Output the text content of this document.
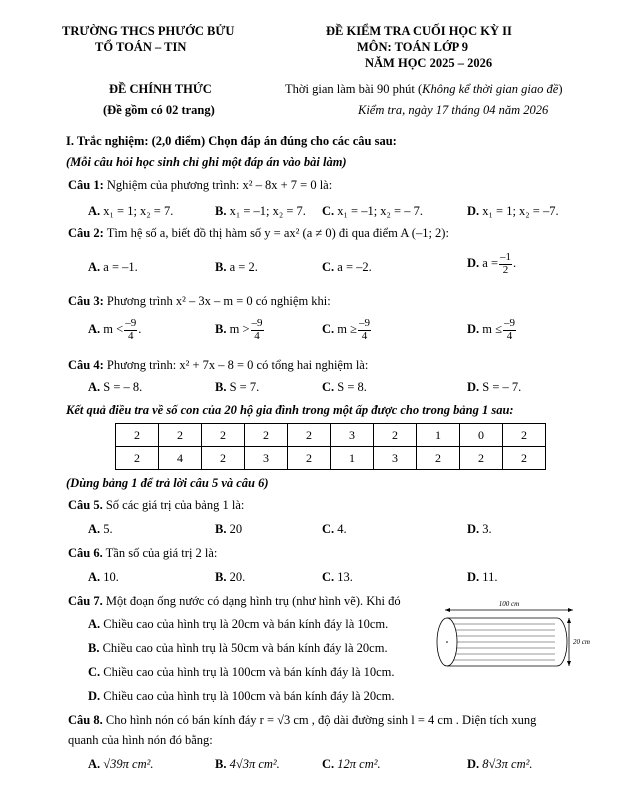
TRƯỜNG THCS PHƯỚC BỬU
TỔ TOÁN – TIN
ĐỀ KIỂM TRA CUỐI HỌC KỲ II
MÔN: TOÁN LỚP 9
NĂM HỌC 2025 – 2026
ĐỀ CHÍNH THỨC
(Đề gồm có 02 trang)
Thời gian làm bài 90 phút (Không kể thời gian giao đề)
Kiểm tra, ngày 17 tháng 04 năm 2026
I. Trắc nghiệm: (2,0 điểm) Chọn đáp án đúng cho các câu sau:
(Mỗi câu hỏi học sinh chỉ ghi một đáp án vào bài làm)
Câu 1: Nghiệm của phương trình: x² – 8x + 7 = 0 là:
A. x₁ = 1; x₂ = 7.	B. x₁ = –1; x₂ = 7. C. x₁ = –1; x₂ = – 7.	D. x₁ = 1; x₂ = –7.
Câu 2: Tìm hệ số a, biết đồ thị hàm số y = ax² (a ≠ 0) đi qua điểm A (–1; 2):
A. a = –1.	B. a = 2.	C. a = –2.	D. $a = \frac{-1}{2}$ .
Câu 3: Phương trình x² – 3x – m = 0 có nghiệm khi:
A. $m < \frac{-9}{4}$ .	B. $m > \frac{-9}{4}$	C. $m \ge \frac{-9}{4}$	D. $m \le \frac{-9}{4}$
Câu 4: Phương trình: x² + 7x – 8 = 0 có tổng hai nghiệm là:
A. S = – 8.	B. S = 7.	C. S = 8.	D. S = – 7.
Kết quả điều tra về số con của 20 hộ gia đình trong một ấp được cho trong bảng 1 sau:
2	2	2	2	2	3	2	1	0	2
2	4	2	3	2	1	3	2	2	2
(Dùng bảng 1 để trả lời câu 5 và câu 6)
Câu 5. Số các giá trị của bảng 1 là:
A. 5.	B. 20	C. 4.	D. 3.
Câu 6. Tần số của giá trị 2 là:
A. 10.	B. 20.	C. 13.	D. 11.
Câu 7. Một đoạn ống nước có dạng hình trụ (như hình vẽ). Khi đó
A. Chiều cao của hình trụ là 20cm và bán kính đáy là 10cm.
B. Chiều cao của hình trụ là 50cm và bán kính đáy là 20cm.
C. Chiều cao của hình trụ là 100cm và bán kính đáy là 10cm.
D. Chiều cao của hình trụ là 100cm và bán kính đáy là 20cm.
100 cm
20 cm
Câu 8. Cho hình nón có bán kính đáy r = √3 cm , độ dài đường sinh l = 4 cm . Diện tích xung
quanh của hình nón đó bằng:
A. √39π cm².	B. 4√3π cm².	C. 12π cm².	D. 8√3π cm².
